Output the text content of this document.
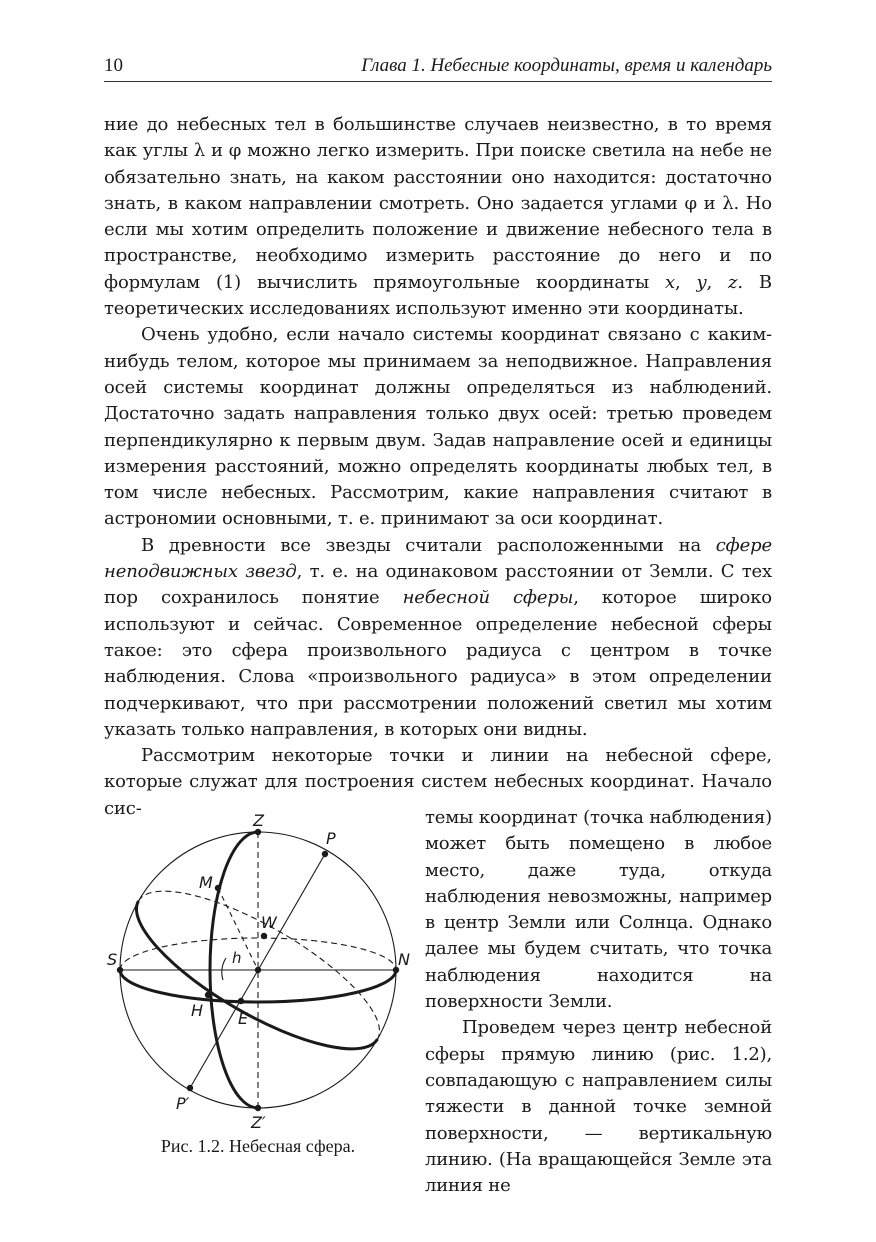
10	Глава 1. Небесные координаты, время и календарь

ние до небесных тел в большинстве случаев неизвестно, в то время как углы λ и φ можно легко измерить. При поиске светила на небе не обязательно знать, на каком расстоянии оно находится: достаточно знать, в каком направлении смотреть. Оно задается углами φ и λ. Но если мы хотим определить положение и движение небесного тела в пространстве, необходимо измерить расстояние до него и по формулам (1) вычислить прямоугольные координаты x, y, z. В теоретических исследованиях используют именно эти координаты.

Очень удобно, если начало системы координат связано с каким-нибудь телом, которое мы принимаем за неподвижное. Направления осей системы координат должны определяться из наблюдений. Достаточно задать направления только двух осей: третью проведем перпендикулярно к первым двум. Задав направление осей и единицы измерения расстояний, можно определять координаты любых тел, в том числе небесных. Рассмотрим, какие направления считают в астрономии основными, т. е. принимают за оси координат.

В древности все звезды считали расположенными на сфере неподвижных звезд, т. е. на одинаковом расстоянии от Земли. С тех пор сохранилось понятие небесной сферы, которое широко используют и сейчас. Современное определение небесной сферы такое: это сфера произвольного радиуса с центром в точке наблюдения. Слова «произвольного радиуса» в этом определении подчеркивают, что при рассмотрении положений светил мы хотим указать только направления, в которых они видны.

Рассмотрим некоторые точки и линии на небесной сфере, которые служат для построения систем небесных координат. Начало сис-

Z
P
M
W
S	N
h
H E
P′
Z′
Рис. 1.2. Небесная сфера.

темы координат (точка наблюдения) может быть помещено в любое место, даже туда, откуда наблюдения невозможны, например в центр Земли или Солнца. Однако далее мы будем считать, что точка наблюдения находится на поверхности Земли.

Проведем через центр небесной сферы прямую линию (рис. 1.2), совпадающую с направлением силы тяжести в данной точке земной поверхности, — вертикальную линию. (На вращающейся Земле эта линия не
